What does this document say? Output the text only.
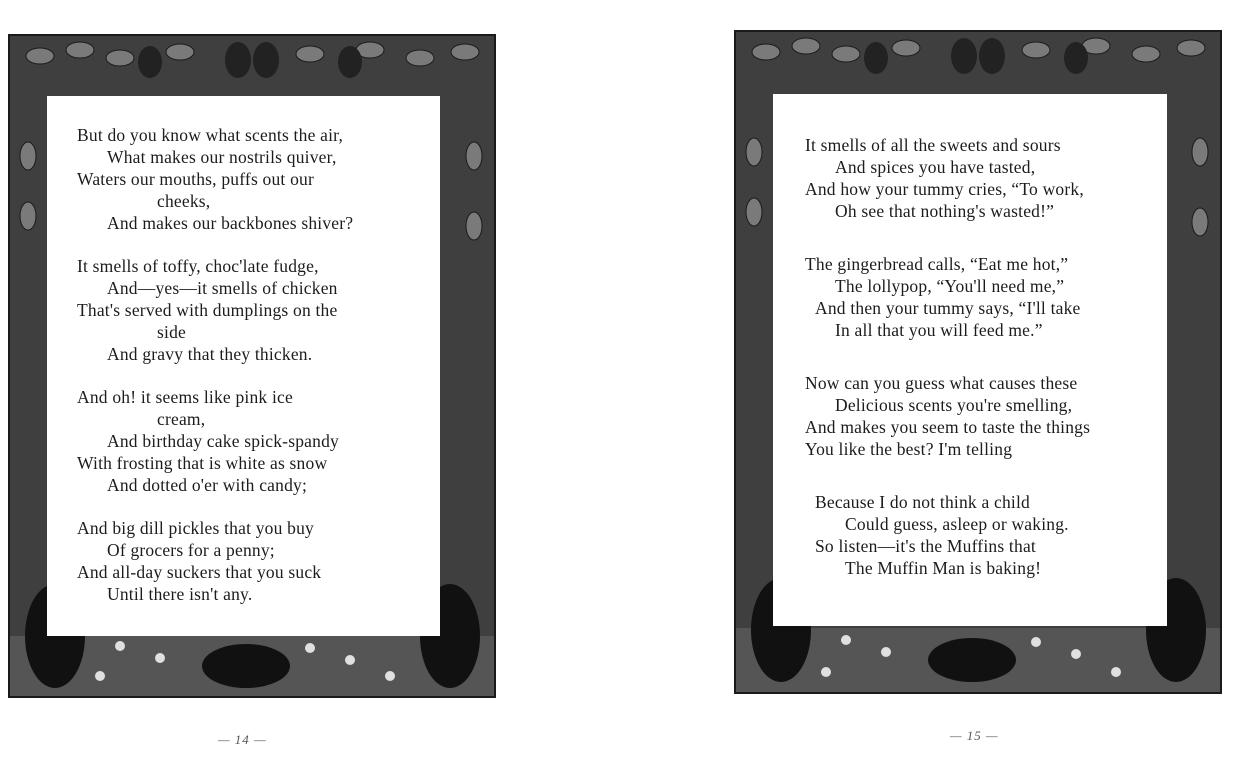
But do you know what scents the air,
What makes our nostrils quiver,
Waters our mouths, puffs out our
cheeks,
And makes our backbones shiver?
It smells of toffy, choc'late fudge,
And—yes—it smells of chicken
That's served with dumplings on the
side
And gravy that they thicken.
And oh! it seems like pink ice
cream,
And birthday cake spick-spandy
With frosting that is white as snow
And dotted o'er with candy;
And big dill pickles that you buy
Of grocers for a penny;
And all-day suckers that you suck
Until there isn't any.
— 14 —
It smells of all the sweets and sours
And spices you have tasted,
And how your tummy cries, “To work,
Oh see that nothing's wasted!”
The gingerbread calls, “Eat me hot,”
The lollypop, “You'll need me,”
And then your tummy says, “I'll take
In all that you will feed me.”
Now can you guess what causes these
Delicious scents you're smelling,
And makes you seem to taste the things
You like the best? I'm telling
Because I do not think a child
Could guess, asleep or waking.
So listen—it's the Muffins that
The Muffin Man is baking!
— 15 —
